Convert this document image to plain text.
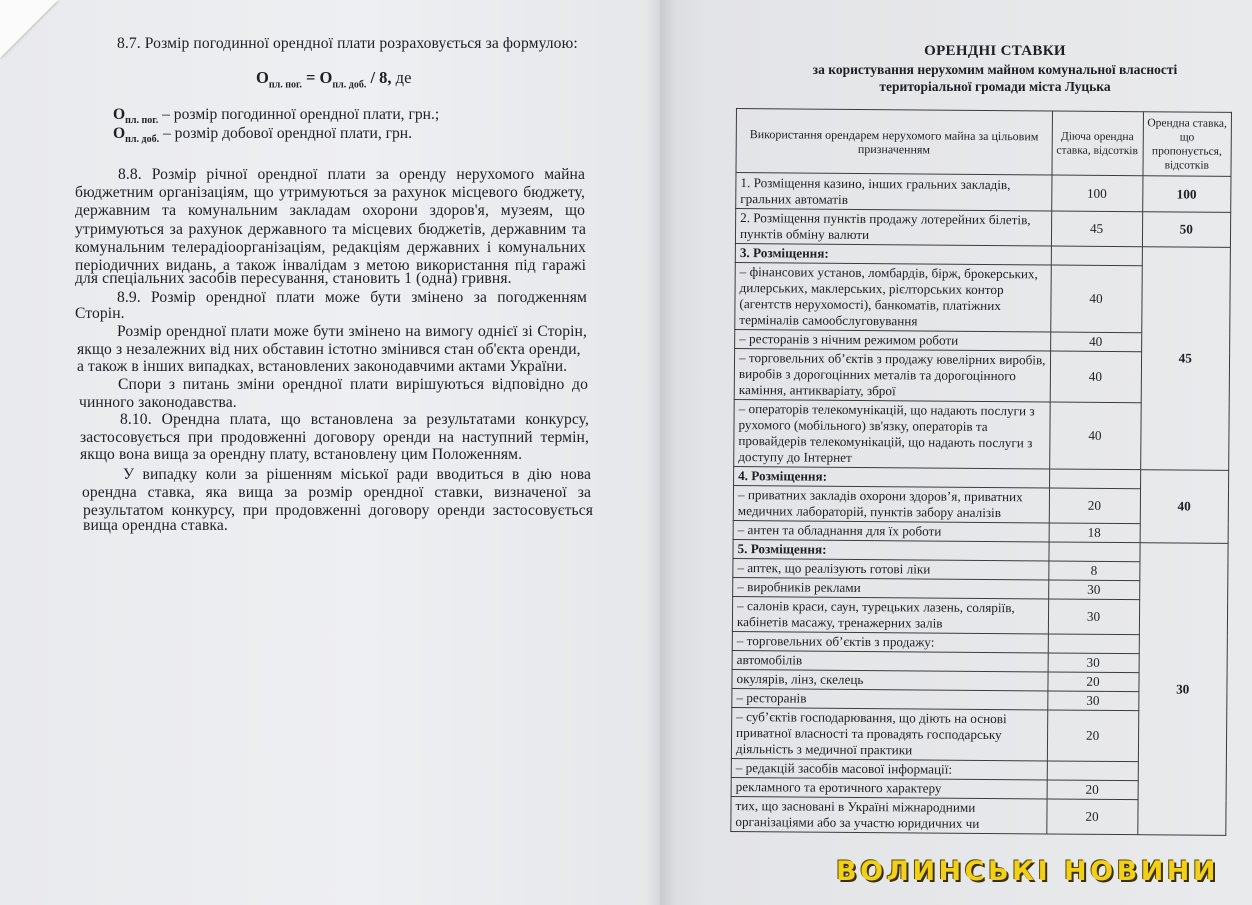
8.7. Розмір погодинної орендної плати розраховується за формулою:
$О_{пл. пог.} = О_{пл. доб.} / 8$, де
$О_{пл. пог.}$ – розмір погодинної орендної плати, грн.;
$О_{пл. доб.}$ – розмір добової орендної плати, грн.
8.8. Розмір річної орендної плати за оренду нерухомого майна
бюджетним організаціям, що утримуються за рахунок місцевого бюджету,
державним та комунальним закладам охорони здоров'я, музеям, що
утримуються за рахунок державного та місцевих бюджетів, державним та
комунальним телерадіоорганізаціям, редакціям державних і комунальних
періодичних видань, а також інвалідам з метою використання під гаражі
для спеціальних засобів пересування, становить 1 (одна) гривня.
8.9. Розмір орендної плати може бути змінено за погодженням
Сторін.
Розмір орендної плати може бути змінено на вимогу однієї зі Сторін,
якщо з незалежних від них обставин істотно змінився стан об'єкта оренди,
а також в інших випадках, встановлених законодавчими актами України.
Спори з питань зміни орендної плати вирішуються відповідно до
чинного законодавства.
8.10. Орендна плата, що встановлена за результатами конкурсу,
застосовується при продовженні договору оренди на наступний термін,
якщо вона вища за орендну плату, встановлену цим Положенням.
У випадку коли за рішенням міської ради вводиться в дію нова
орендна ставка, яка вища за розмір орендної ставки, визначеної за
результатом конкурсу, при продовженні договору оренди застосовується
вища орендна ставка.
ОРЕНДНІ СТАВКИ
за користування нерухомим майном комунальної власності
територіальної громади міста Луцька
Використання орендарем нерухомого майна за цільовим призначенням	Діюча орендна ставка, відсотків	Орендна ставка, що пропонується, відсотків
1. Розміщення казино, інших гральних закладів, гральних автоматів	100	100
2. Розміщення пунктів продажу лотерейних білетів, пунктів обміну валюти	45	50
3. Розміщення:		45
– фінансових установ, ломбардів, бірж, брокерських, дилерських, маклерських, рієлторських контор (агентств нерухомості), банкоматів, платіжних терміналів самообслуговування	40	
– ресторанів з нічним режимом роботи	40	
– торговельних об’єктів з продажу ювелірних виробів, виробів з дорогоцінних металів та дорогоцінного каміння, антикваріату, зброї	40	
– операторів телекомунікацій, що надають послуги з рухомого (мобільного) зв'язку, операторів та провайдерів телекомунікацій, що надають послуги з доступу до Інтернет	40	
4. Розміщення:		40
– приватних закладів охорони здоров’я, приватних медичних лабораторій, пунктів забору аналізів	20	
– антен та обладнання для їх роботи	18	
5. Розміщення:		30
– аптек, що реалізують готові ліки	8	
– виробників реклами	30	
– салонів краси, саун, турецьких лазень, соляріїв, кабінетів масажу, тренажерних залів	30	
– торговельних об’єктів з продажу:		
автомобілів	30	
окулярів, лінз, скелець	20	
– ресторанів	30	
– суб’єктів господарювання, що діють на основі приватної власності та провадять господарську діяльність з медичної практики	20	
– редакцій засобів масової інформації:		
рекламного та еротичного характеру	20	
тих, що засновані в Україні міжнародними організаціями або за участю юридичних чи	20	
ВОЛИНСЬКІ НОВИНИ
